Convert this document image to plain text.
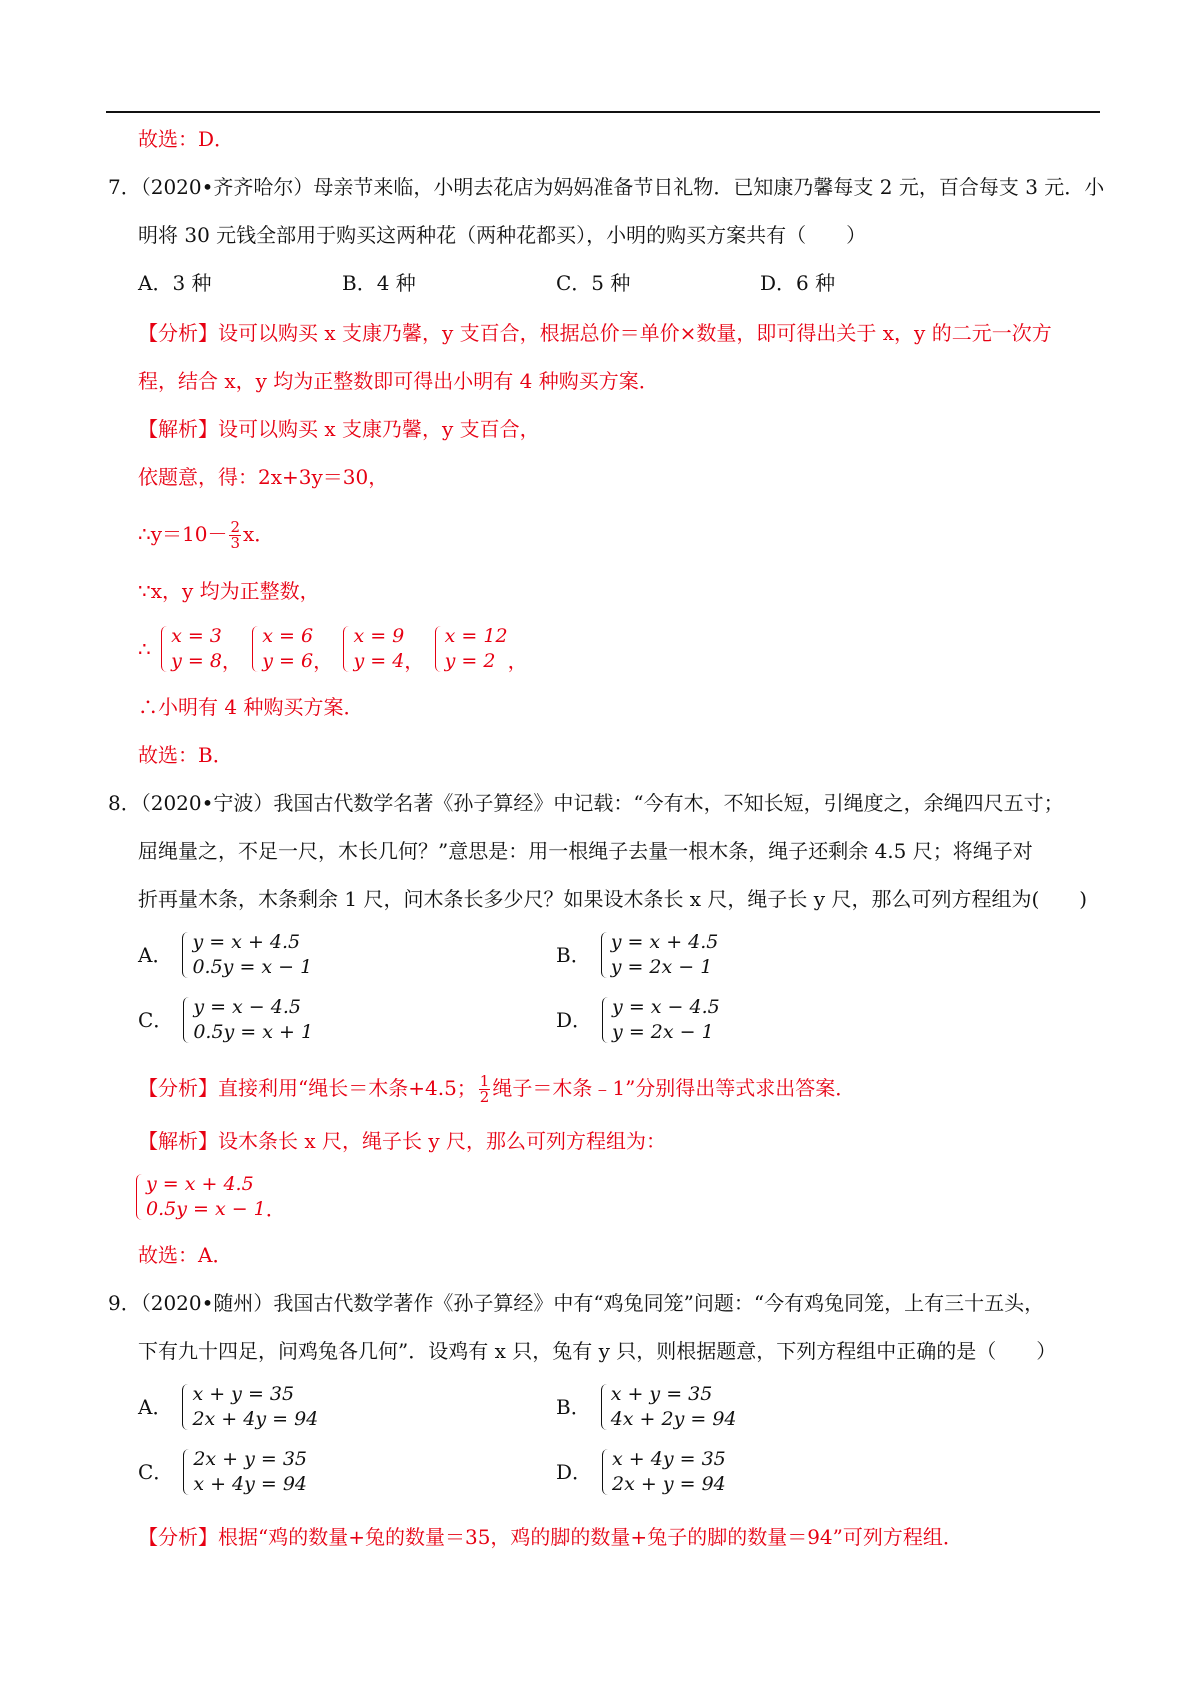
故选：D．
7．（2020•齐齐哈尔）母亲节来临，小明去花店为妈妈准备节日礼物．已知康乃馨每支 2 元，百合每支 3 元．小
明将 30 元钱全部用于购买这两种花（两种花都买），小明的购买方案共有（　　）
A．3 种	B．4 种	C．5 种	D．6 种
【分析】设可以购买 x 支康乃馨，y 支百合，根据总价＝单价×数量，即可得出关于 x，y 的二元一次方
程，结合 x，y 均为正整数即可得出小明有 4 种购买方案．
【解析】设可以购买 x 支康乃馨，y 支百合，
依题意，得：2x+3y＝30，
∴y＝10－ $\frac{2}{3}$ x．
∵x，y 均为正整数，
∴
x = 3
y = 8 ，
x = 6
y = 6 ，
x = 9
y = 4 ，
x = 12
y = 2 ，
∴小明有 4 种购买方案．
故选：B．
8．（2020•宁波）我国古代数学名著《孙子算经》中记载：“今有木，不知长短，引绳度之，余绳四尺五寸；
屈绳量之，不足一尺，木长几何？”意思是：用一根绳子去量一根木条，绳子还剩余 4.5 尺；将绳子对
折再量木条，木条剩余 1 尺，问木条长多少尺？如果设木条长 x 尺，绳子长 y 尺，那么可列方程组为(　　)
A．
y = x + 4.5
0.5y = x − 1	B．
y = x + 4.5
y = 2x − 1
C．
y = x − 4.5
0.5y = x + 1	D．
y = x − 4.5
y = 2x − 1
【分析】直接利用“绳长＝木条+4.5； $\frac{1}{2}$ 绳子＝木条﹣1”分别得出等式求出答案．
【解析】设木条长 x 尺，绳子长 y 尺，那么可列方程组为：
y = x + 4.5
0.5y = x − 1 ．
故选：A．
9．（2020•随州）我国古代数学著作《孙子算经》中有“鸡兔同笼”问题：“今有鸡兔同笼，上有三十五头，
下有九十四足，问鸡兔各几何”．设鸡有 x 只，兔有 y 只，则根据题意，下列方程组中正确的是（　　）
A．
x + y = 35
2x + 4y = 94	B．
x + y = 35
4x + 2y = 94
C．
2x + y = 35
x + 4y = 94	D．
x + 4y = 35
2x + y = 94
【分析】根据“鸡的数量+兔的数量＝35，鸡的脚的数量+兔子的脚的数量＝94”可列方程组．
